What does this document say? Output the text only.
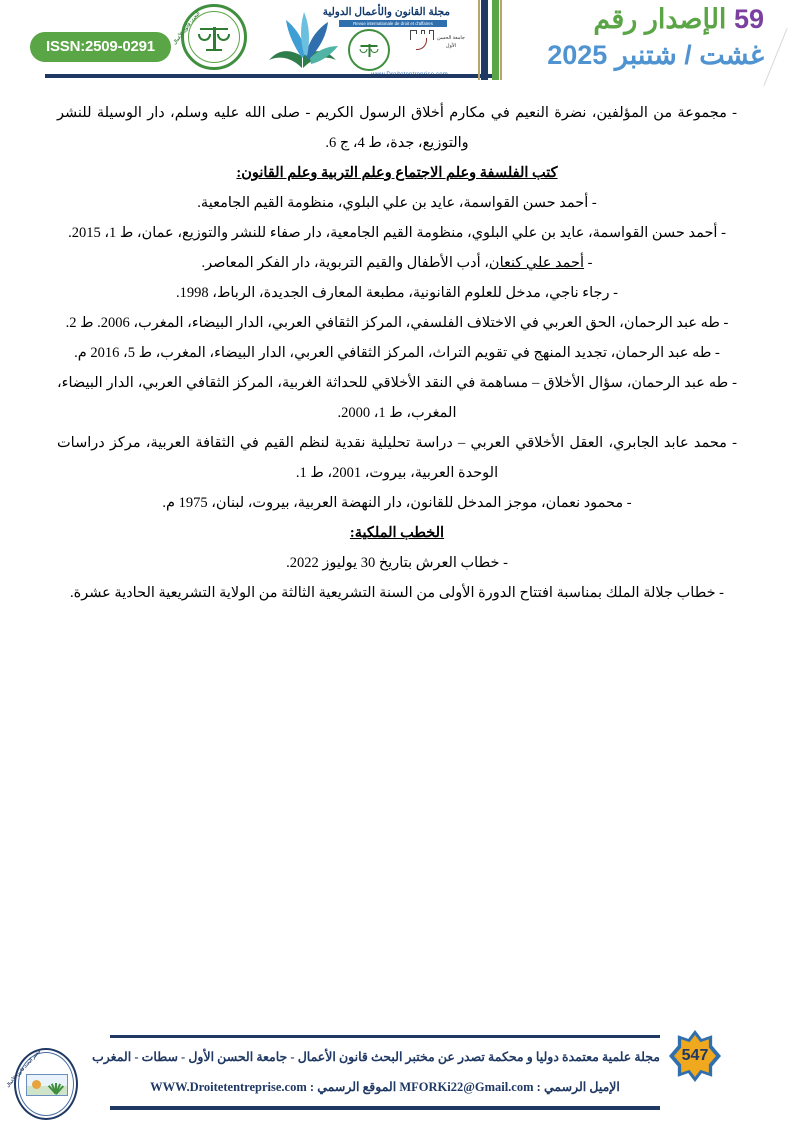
ISSN:2509-0291
البحث: قانون الأعمال	مجلة القانون والأعمال الدولية
Revue internationale de droit et d'affaires
جامعة الحسن الأول
59 الإصدار رقم
غشت / شتنبر 2025

- مجموعة من المؤلفين، نضرة النعيم في مكارم أخلاق الرسول الكريم - صلى الله عليه وسلم، دار الوسيلة للنشر والتوزيع، جدة، ط 4، ج 6.

كتب الفلسفة وعلم الاجتماع وعلم التربية وعلم القانون:

- أحمد حسن القواسمة، عايد بن علي البلوي، منظومة القيم الجامعية.

- أحمد حسن القواسمة، عايد بن علي البلوي، منظومة القيم الجامعية، دار صفاء للنشر والتوزيع، عمان، ط 1، 2015.

- أحمد علي كنعان، أدب الأطفال والقيم التربوية، دار الفكر المعاصر.

- رجاء ناجي، مدخل للعلوم القانونية، مطبعة المعارف الجديدة، الرباط، 1998.

- طه عبد الرحمان، الحق العربي في الاختلاف الفلسفي، المركز الثقافي العربي، الدار البيضاء، المغرب، 2006. ط 2.

- طه عبد الرحمان، تجديد المنهج في تقويم التراث، المركز الثقافي العربي، الدار البيضاء، المغرب، ط 5، 2016 م.

- طه عبد الرحمان، سؤال الأخلاق – مساهمة في النقد الأخلاقي للحداثة الغربية، المركز الثقافي العربي، الدار البيضاء، المغرب، ط 1، 2000.

- محمد عابد الجابري، العقل الأخلاقي العربي – دراسة تحليلية نقدية لنظم القيم في الثقافة العربية، مركز دراسات الوحدة العربية، بيروت، 2001، ط 1.

- محمود نعمان، موجز المدخل للقانون، دار النهضة العربية، بيروت، لبنان، 1975 م.

الخطب الملكية:

- خطاب العرش بتاريخ 30 يوليوز 2022.

- خطاب جلالة الملك بمناسبة افتتاح الدورة الأولى من السنة التشريعية الثالثة من الولاية التشريعية الحادية عشرة.

مجلة علمية معتمدة دوليا و محكمة تصدر عن مختبر البحث قانون الأعمال - جامعة الحسن الأول - سطات - المغرب
الإميل الرسمي : MFORKi22@Gmail.com الموقع الرسمي : WWW.Droitetentreprise.com
547
مختبر البحث قانون الأعمال
